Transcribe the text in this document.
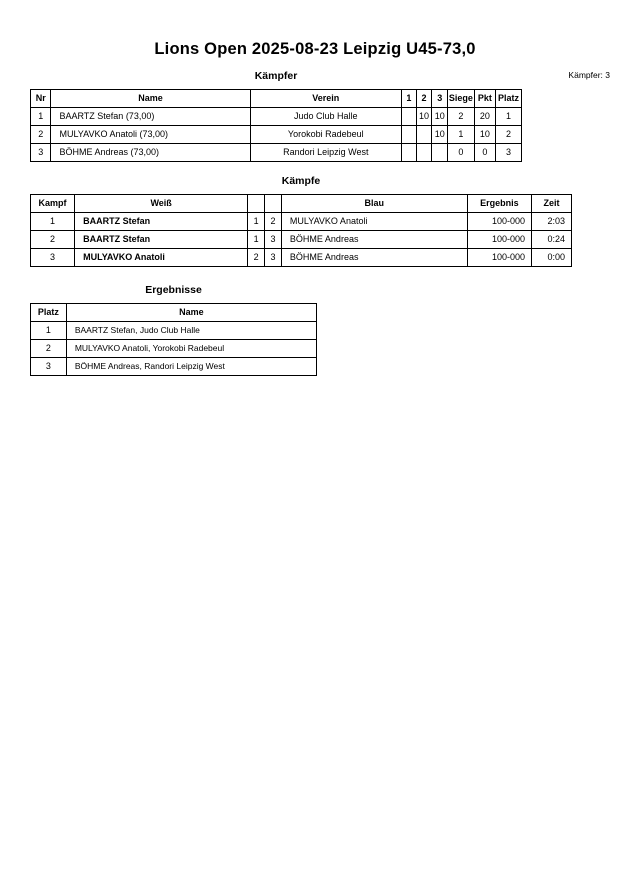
Lions Open 2025-08-23 Leipzig U45-73,0
Kämpfer	Kämpfer: 3
Nr	Name	Verein	1	2	3	Siege	Pkt	Platz
1	BAARTZ Stefan (73,00)	Judo Club Halle		10	10	2	20	1
2	MULYAVKO Anatoli (73,00)	Yorokobi Radebeul			10	1	10	2
3	BÖHME Andreas (73,00)	Randori Leipzig West				0	0	3
Kämpfe
Kampf	Weiß			Blau	Ergebnis	Zeit
1	BAARTZ Stefan	1	2	MULYAVKO Anatoli	100-000	2:03
2	BAARTZ Stefan	1	3	BÖHME Andreas	100-000	0:24
3	MULYAVKO Anatoli	2	3	BÖHME Andreas	100-000	0:00
Ergebnisse
Platz	Name
1	BAARTZ Stefan, Judo Club Halle
2	MULYAVKO Anatoli, Yorokobi Radebeul
3	BÖHME Andreas, Randori Leipzig West
